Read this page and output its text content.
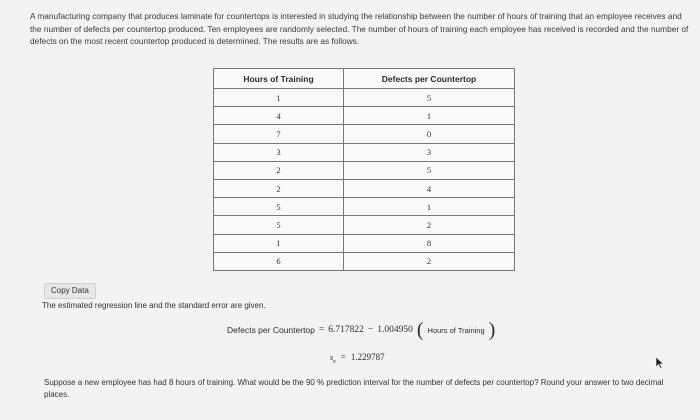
A manufacturing company that produces laminate for countertops is interested in studying the relationship between the number of hours of training that an employee receives and the number of defects per countertop produced. Ten employees are randomly selected. The number of hours of training each employee has received is recorded and the number of defects on the most recent countertop produced is determined. The results are as follows.
Hours of Training	Defects per Countertop
1	5
4	1
7	0
3	3
2	5
2	4
5	1
5	2
1	8
6	2
Copy Data
The estimated regression line and the standard error are given.
Defects per Countertop = 6.717822 − 1.004950 ( Hours of Training )
$s_e = 1.229787$
Suppose a new employee has had 8 hours of training. What would be the 90 % prediction interval for the number of defects per countertop? Round your answer to two decimal places.
